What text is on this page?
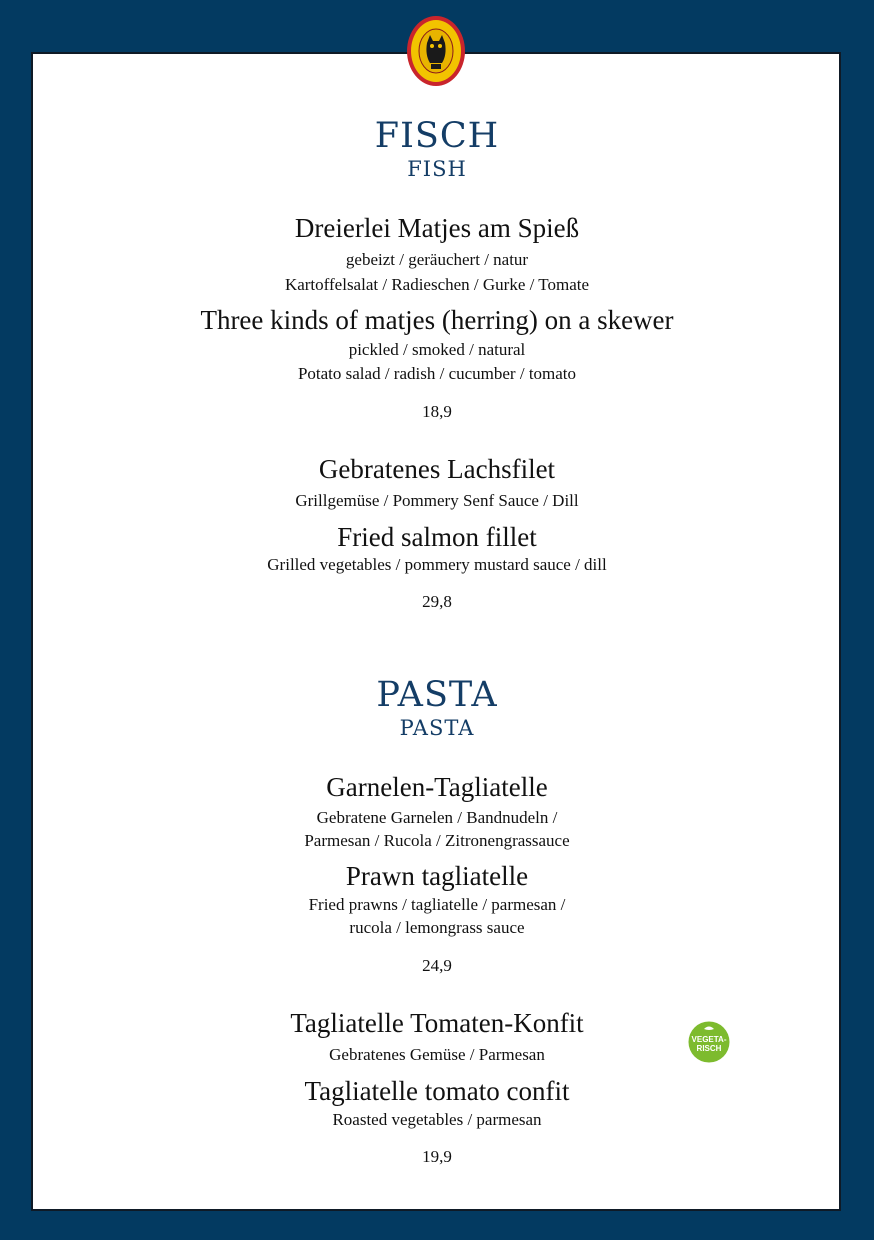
FISCH
FISH
Dreierlei Matjes am Spieß
gebeizt / geräuchert / natur
Kartoffelsalat / Radieschen / Gurke / Tomate
Three kinds of matjes (herring) on a skewer
pickled / smoked / natural
Potato salad / radish / cucumber / tomato
18,9
Gebratenes Lachsfilet
Grillgemüse / Pommery Senf Sauce / Dill
Fried salmon fillet
Grilled vegetables / pommery mustard sauce / dill
29,8
PASTA
PASTA
Garnelen-Tagliatelle
Gebratene Garnelen / Bandnudeln /
Parmesan / Rucola / Zitronengrassauce
Prawn tagliatelle
Fried prawns / tagliatelle / parmesan /
rucola / lemongrass sauce
24,9
Tagliatelle Tomaten-Konfit
Gebratenes Gemüse / Parmesan
Tagliatelle tomato confit
Roasted vegetables / parmesan
19,9
VEGETA-
RISCH
